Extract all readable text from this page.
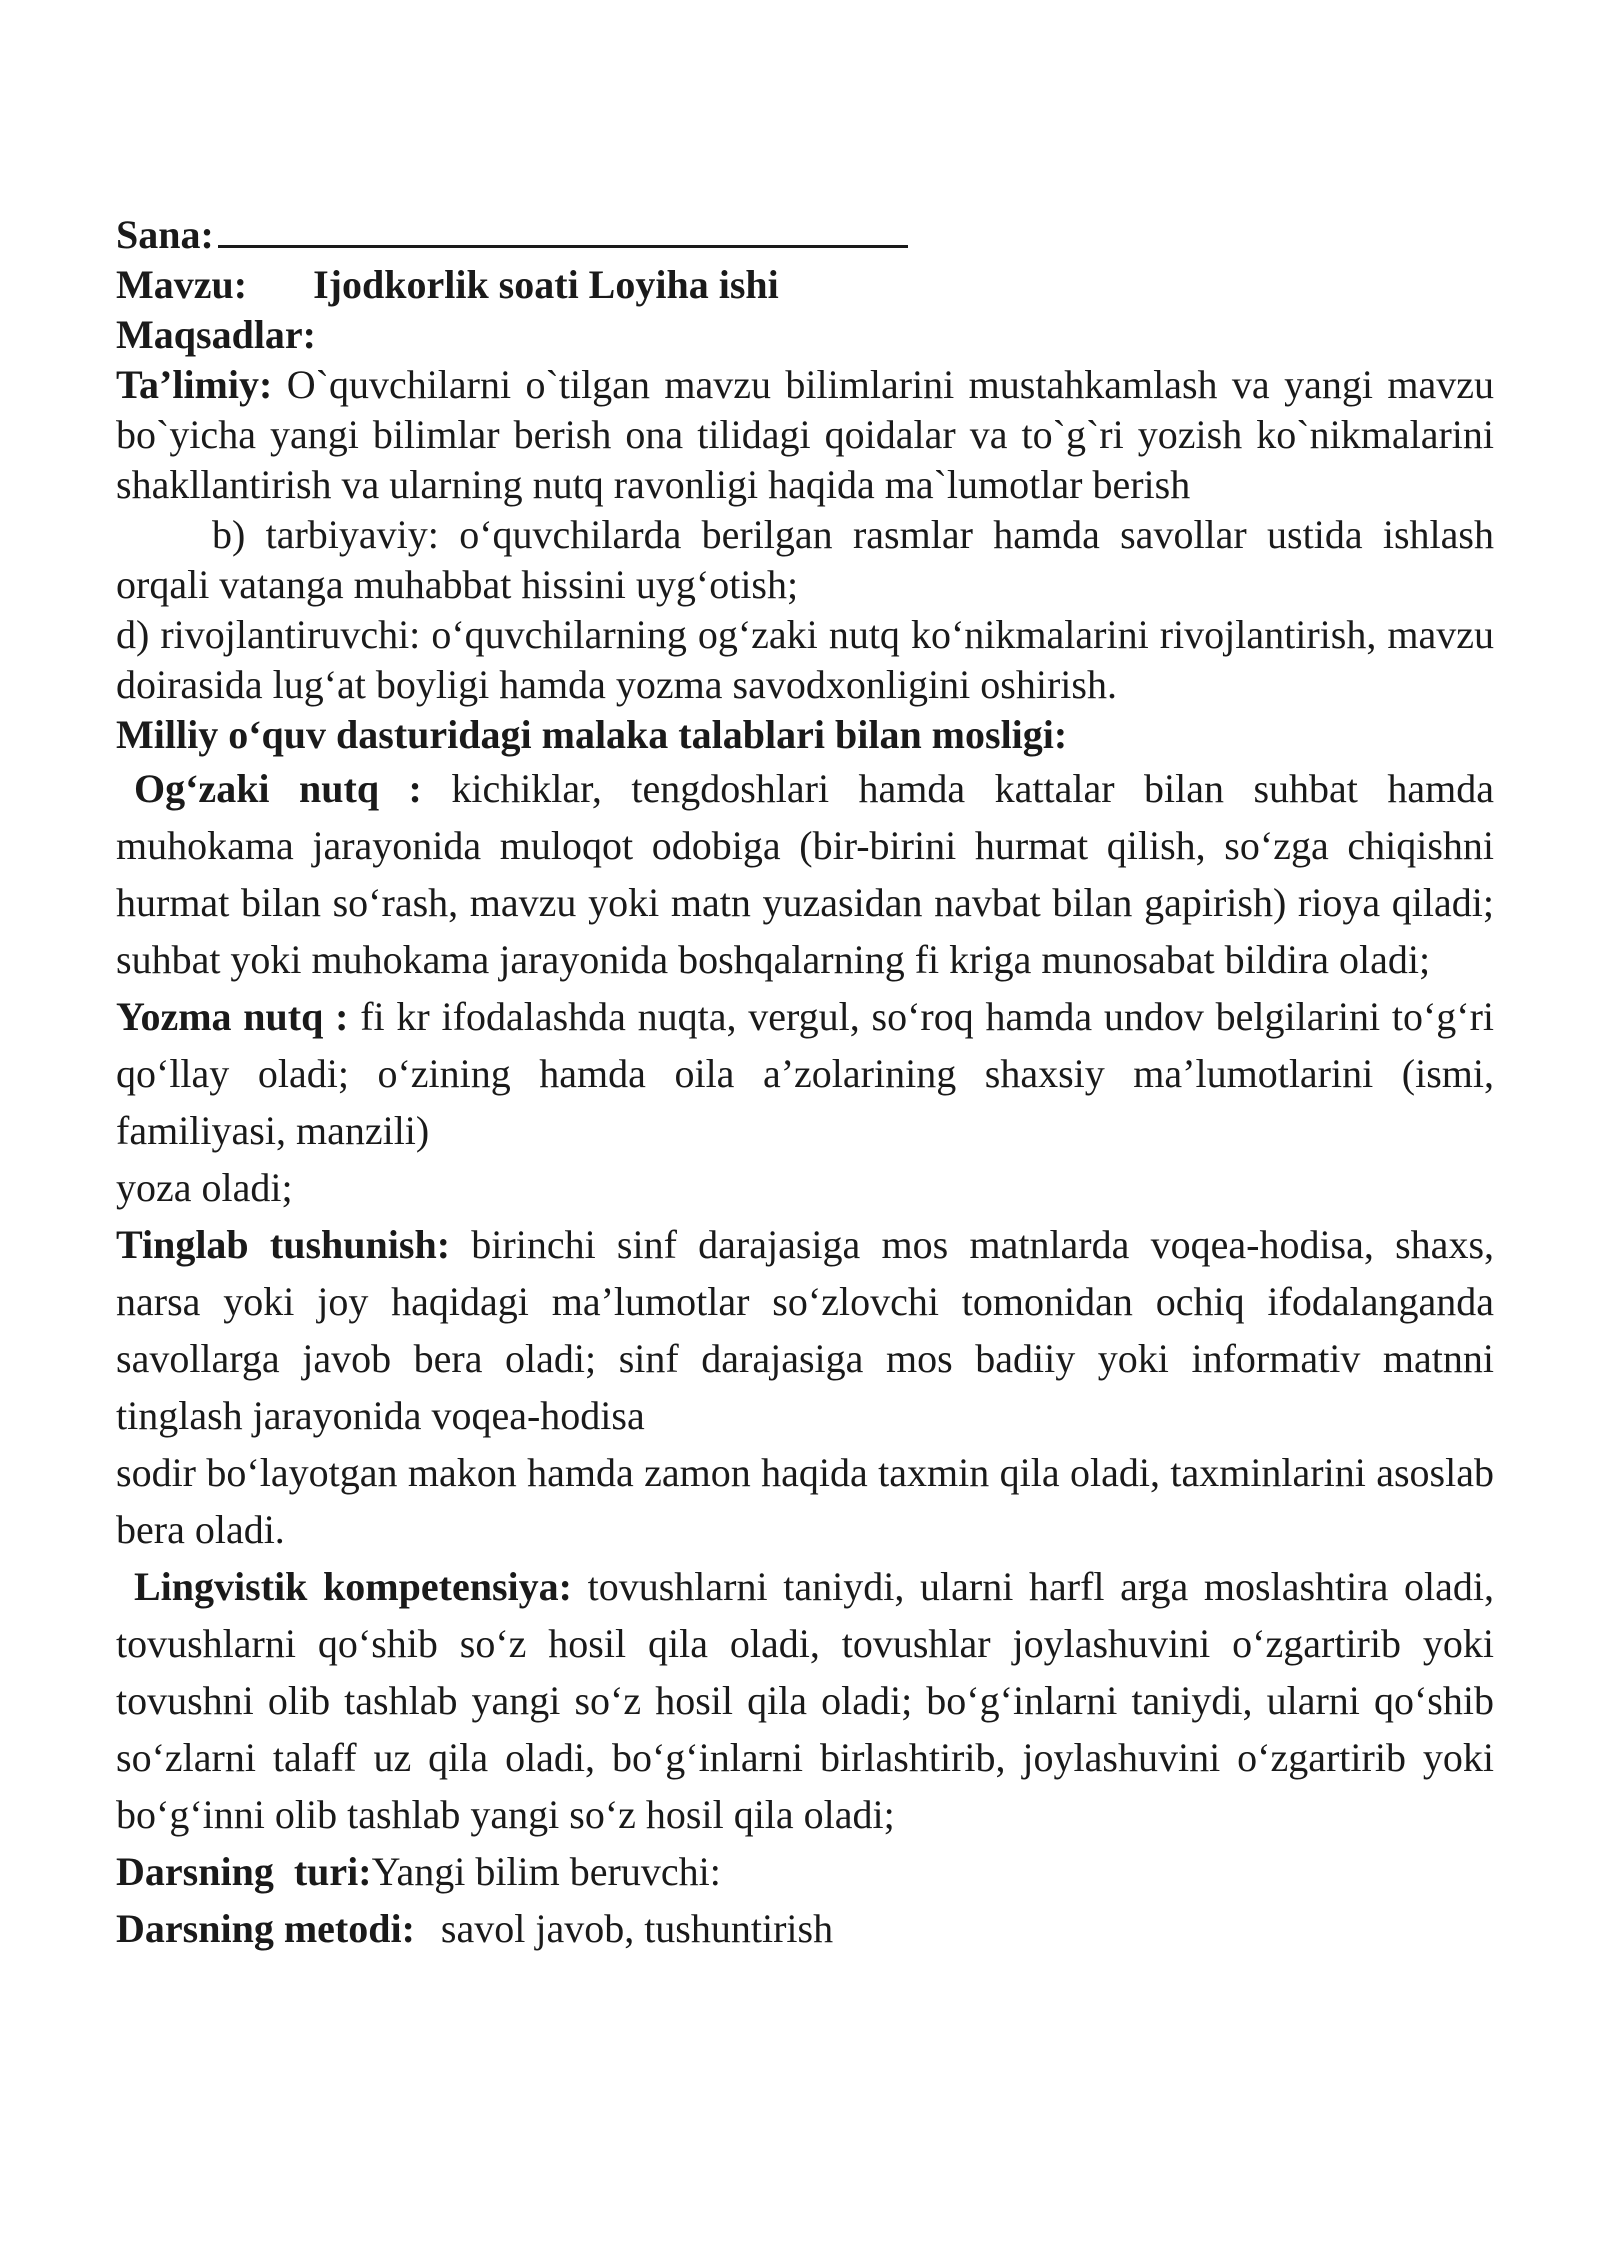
Sana:

Mavzu: Ijodkorlik soati Loyiha ishi

Maqsadlar:

Ta’limiy: O`quvchilarni o`tilgan mavzu bilimlarini mustahkamlash va yangi mavzu bo`yicha yangi bilimlar berish ona tilidagi qoidalar va to`g`ri yozish ko`nikmalarini shakllantirish va ularning nutq ravonligi haqida ma`lumotlar berish

b) tarbiyaviy: o‘quvchilarda berilgan rasmlar hamda savollar ustida ishlash orqali vatanga muhabbat hissini uyg‘otish;

d) rivojlantiruvchi: o‘quvchilarning og‘zaki nutq ko‘nikmalarini rivojlantirish, mavzu doirasida lug‘at boyligi hamda yozma savodxonligini oshirish.

Milliy o‘quv dasturidagi malaka talablari bilan mosligi:

Og‘zaki nutq : kichiklar, tengdoshlari hamda kattalar bilan suhbat hamda muhokama jarayonida muloqot odobiga (bir-birini hurmat qilish, so‘zga chiqishni hurmat bilan so‘rash, mavzu yoki matn yuzasidan navbat bilan gapirish) rioya qiladi; suhbat yoki muhokama jarayonida boshqalarning fi kriga munosabat bildira oladi;

Yozma nutq : fi kr ifodalashda nuqta, vergul, so‘roq hamda undov belgilarini to‘g‘ri qo‘llay oladi; o‘zining hamda oila a’zolarining shaxsiy ma’lumotlarini (ismi, familiyasi, manzili)

yoza oladi;

Tinglab tushunish: birinchi sinf darajasiga mos matnlarda voqea-hodisa, shaxs, narsa yoki joy haqidagi ma’lumotlar so‘zlovchi tomonidan ochiq ifodalanganda savollarga javob bera oladi; sinf darajasiga mos badiiy yoki informativ matnni tinglash jarayonida voqea-hodisa

sodir bo‘layotgan makon hamda zamon haqida taxmin qila oladi, taxminlarini asoslab bera oladi.

Lingvistik kompetensiya: tovushlarni taniydi, ularni harfl arga moslashtira oladi, tovushlarni qo‘shib so‘z hosil qila oladi, tovushlar joylashuvini o‘zgartirib yoki tovushni olib tashlab yangi so‘z hosil qila oladi; bo‘g‘inlarni taniydi, ularni qo‘shib so‘zlarni talaff uz qila oladi, bo‘g‘inlarni birlashtirib, joylashuvini o‘zgartirib yoki bo‘g‘inni olib tashlab yangi so‘z hosil qila oladi;

Darsning  turi:Yangi bilim beruvchi:

Darsning metodi: savol javob, tushuntirish
